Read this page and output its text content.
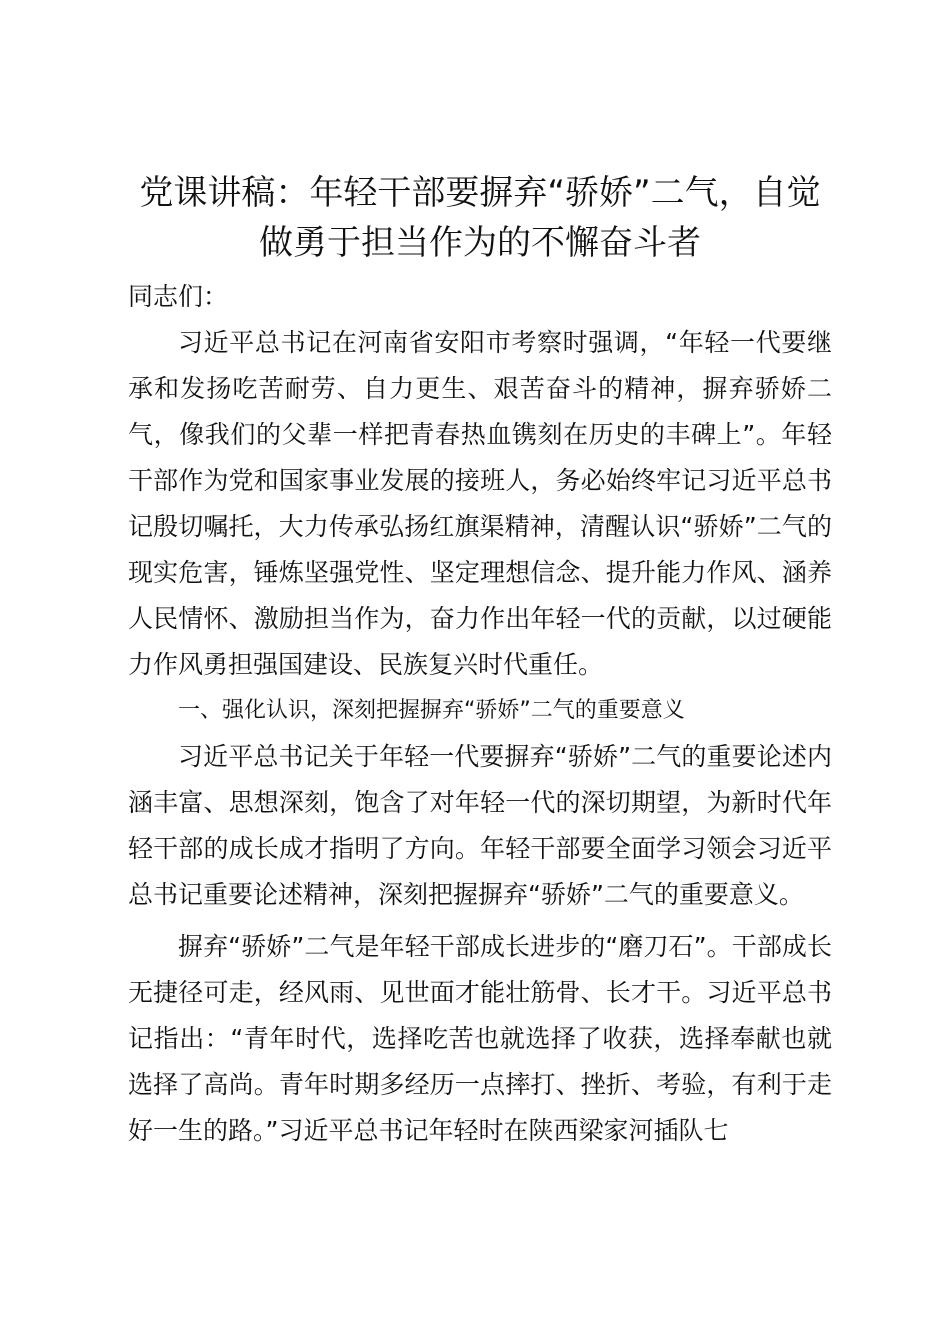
党课讲稿：年轻干部要摒弃“骄娇”二气，自觉做勇于担当作为的不懈奋斗者

同志们：

习近平总书记在河南省安阳市考察时强调，“年轻一代要继承和发扬吃苦耐劳、自力更生、艰苦奋斗的精神，摒弃骄娇二气，像我们的父辈一样把青春热血镌刻在历史的丰碑上”。年轻干部作为党和国家事业发展的接班人，务必始终牢记习近平总书记殷切嘱托，大力传承弘扬红旗渠精神，清醒认识“骄娇”二气的现实危害，锤炼坚强党性、坚定理想信念、提升能力作风、涵养人民情怀、激励担当作为，奋力作出年轻一代的贡献，以过硬能力作风勇担强国建设、民族复兴时代重任。

一、强化认识，深刻把握摒弃“骄娇”二气的重要意义

习近平总书记关于年轻一代要摒弃“骄娇”二气的重要论述内涵丰富、思想深刻，饱含了对年轻一代的深切期望，为新时代年轻干部的成长成才指明了方向。年轻干部要全面学习领会习近平总书记重要论述精神，深刻把握摒弃“骄娇”二气的重要意义。

摒弃“骄娇”二气是年轻干部成长进步的“磨刀石”。干部成长无捷径可走，经风雨、见世面才能壮筋骨、长才干。习近平总书记指出：“青年时代，选择吃苦也就选择了收获，选择奉献也就选择了高尚。青年时期多经历一点摔打、挫折、考验，有利于走好一生的路。”习近平总书记年轻时在陕西梁家河插队七
